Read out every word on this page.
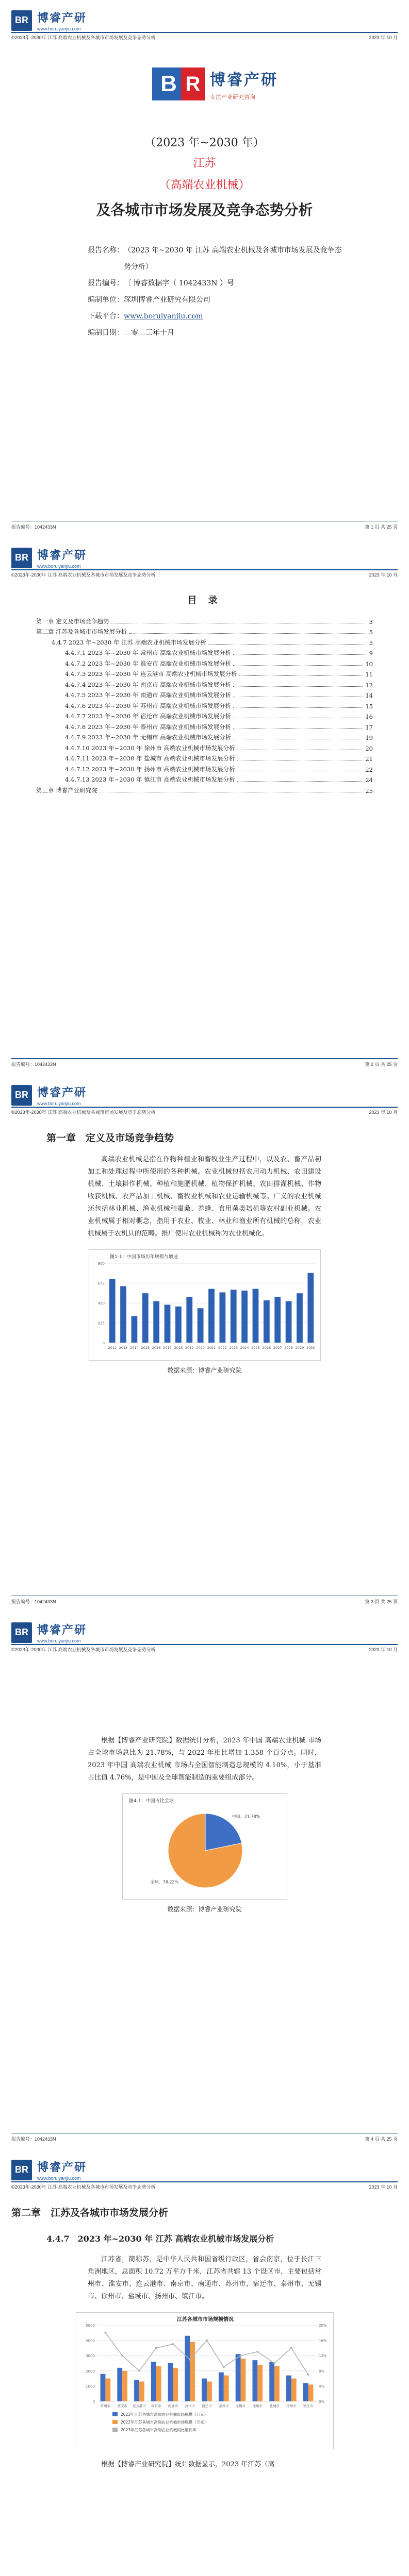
BR 博睿产研
www.boruiyanjiu.com
©2023年-2030年 江苏 高端农业机械及各城市市场发展及竞争态势分析	2023 年 10 月
B R 博睿产研
专注产业研究咨询
（2023 年~2030 年）
江苏
（高端农业机械）
及各城市市场发展及竞争态势分析
报告名称： （2023 年~2030 年 江苏 高端农业机械及各城市市场发展及竞争态势分析）
报告编号： 〔 博睿数据字（ 1042433N ）号
编制单位： 深圳博睿产业研究有限公司
下载平台： www.boruiyanjiu.com
编制日期： 二零二三年十月
报告编号：1042433N	第 1 页 共 25 页
BR 博睿产研
www.boruiyanjiu.com
©2023年-2030年 江苏 高端农业机械及各城市市场发展及竞争态势分析	2023 年 10 月
目 录
第一章 定义及市场竞争趋势	3
第二章 江苏及各城市市场发展分析	5
4.4.7 2023 年~2030 年 江苏 高端农业机械市场发展分析	5
4.4.7.1 2023 年~2030 年 常州市 高端农业机械市场发展分析	9
4.4.7.2 2023 年~2030 年 淮安市 高端农业机械市场发展分析	10
4.4.7.3 2023 年~2030 年 连云港市 高端农业机械市场发展分析	11
4.4.7.4 2023 年~2030 年 南京市 高端农业机械市场发展分析	12
4.4.7.5 2023 年~2030 年 南通市 高端农业机械市场发展分析	14
4.4.7.6 2023 年~2030 年 苏州市 高端农业机械市场发展分析	15
4.4.7.7 2023 年~2030 年 宿迁市 高端农业机械市场发展分析	16
4.4.7.8 2023 年~2030 年 泰州市 高端农业机械市场发展分析	17
4.4.7.9 2023 年~2030 年 无锡市 高端农业机械市场发展分析	19
4.4.7.10 2023 年~2030 年 徐州市 高端农业机械市场发展分析	20
4.4.7.11 2023 年~2030 年 盐城市 高端农业机械市场发展分析	21
4.4.7.12 2023 年~2030 年 扬州市 高端农业机械市场发展分析	22
4.4.7.13 2023 年~2030 年 镇江市 高端农业机械市场发展分析	24
第三章 博睿产业研究院	25
报告编号：1042433N	第 2 页 共 25 页
BR 博睿产研
www.boruiyanjiu.com
©2023年-2030年 江苏 高端农业机械及各城市市场发展及竞争态势分析	2023 年 10 月
第一章　定义及市场竞争趋势
高端农业机械是指在作物种植业和畜牧业生产过程中，以及农、畜产品初加工和处理过程中所使用的各种机械。农业机械包括农用动力机械、农田建设机械、土壤耕作机械、种植和施肥机械、植物保护机械、农田排灌机械、作物收获机械、农产品加工机械、畜牧业机械和农业运输机械等。广义的农业机械还包括林业机械、渔业机械和蚕桑、养蜂、食用菌类培植等农村副业机械。农业机械属于相对概念，指用于农业、牧业、林业和渔业所有机械的总称，农业机械属于农机具的范畴。推广使用农业机械称为农业机械化。
图1-1：中国市场历年规模与增速
0
225
450
675
900
2012 2013 2014 2015 2016 2017 2018 2019 2020 2021 2022 2023 2024 2025 2026 2027 2028 2029 2030
数据来源：博睿产业研究院
报告编号：1042433N	第 3 页 共 25 页
BR 博睿产研
www.boruiyanjiu.com
©2023年-2030年 江苏 高端农业机械及各城市市场发展及竞争态势分析	2023 年 10 月
根据【博睿产业研究院】数据统计分析，2023 年中国 高端农业机械 市场占全球市场总比为 21.78%，与 2022 年相比增加 1.358 个百分点。同时，2023 年中国 高端农业机械 市场占全国智能制造总规模的 4.10%，小于基准占比值 4.76%，是中国及全球智能制造的重要组成部分。
图4-1：中国占比全球
中国，21.78%
全球，78.22%
数据来源：博睿产业研究院
报告编号：1042433N	第 4 页 共 25 页
BR 博睿产研
www.boruiyanjiu.com
©2023年-2030年 江苏 高端农业机械及各城市市场发展及竞争态势分析	2023 年 10 月
第二章　江苏及各城市市场发展分析
4.4.7　2023 年~2030 年 江苏 高端农业机械市场发展分析
江苏省，简称苏，是中华人民共和国省级行政区，省会南京，位于长江三角洲地区，总面积 10.72 万平方千米，江苏省共辖 13 个设区市，主要包括常州市、淮安市、连云港市、南京市、南通市、苏州市、宿迁市、泰州市、无锡市、徐州市、盐城市、扬州市、镇江市。
江苏各城市市场规模情况
0	0%
1000	4%
2000	8%
3000	12%
4000	16%
5000	20%
常州市 淮安市 连云港市 南京市 南通市 苏州市 宿迁市 泰州市 无锡市 徐州市 盐城市 扬州市 镇江市
2023年江苏各城市高端农业机械市场规模（万元）
2022年江苏各城市高端农业机械市场规模（万元）
2023年江苏各城市高端农业机械同比增长率
根据【博睿产业研究院】统计数据显示，2023 年江苏（高
